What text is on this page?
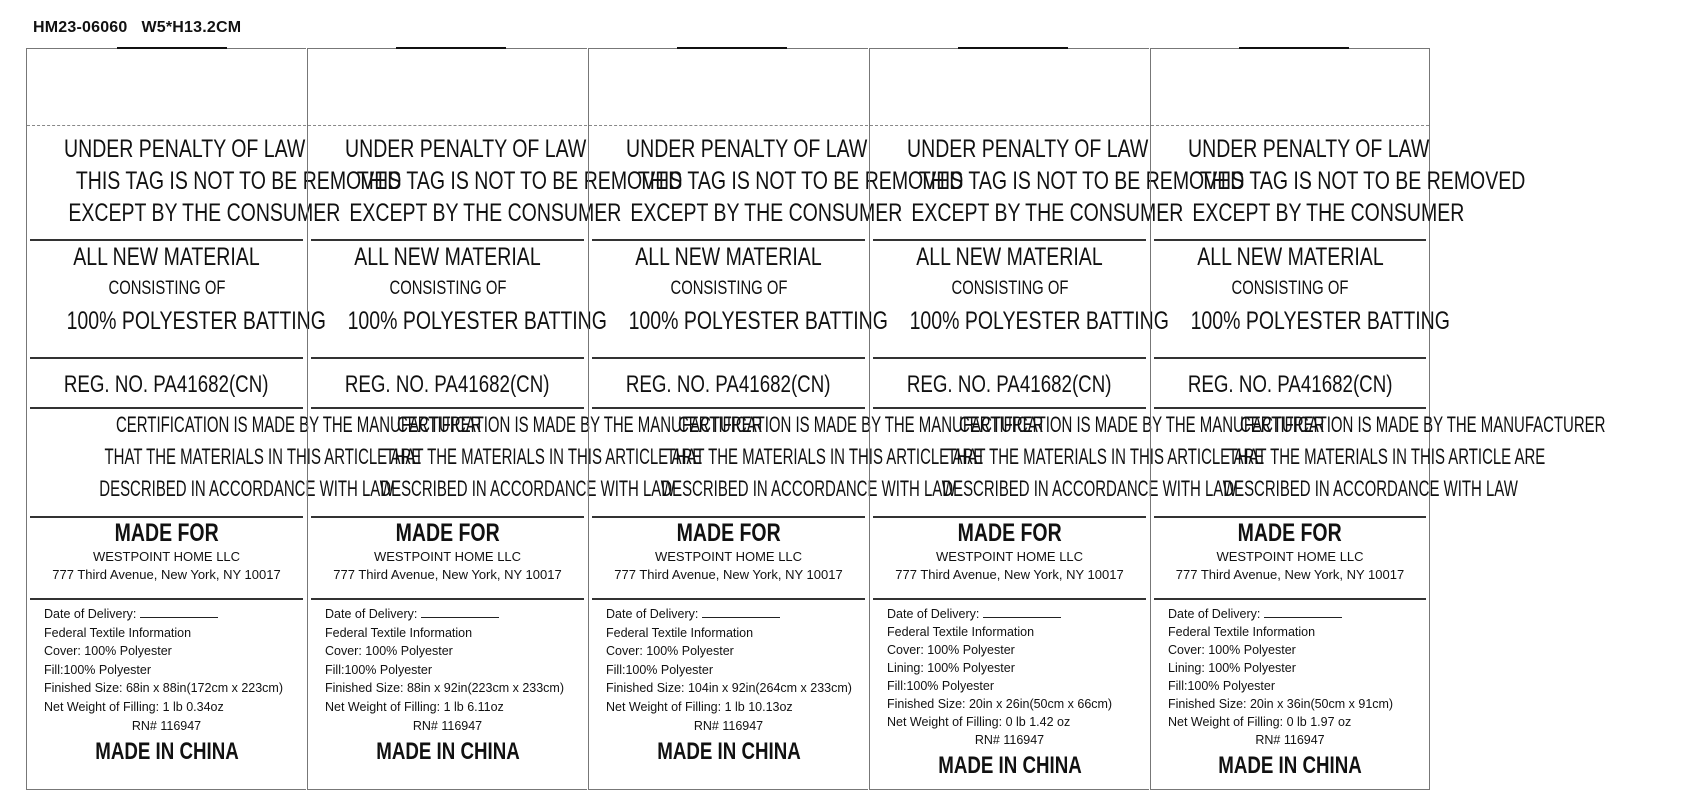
HM23-06060 W5*H13.2CM
UNDER PENALTY OF LAW
THIS TAG IS NOT TO BE REMOVED
EXCEPT BY THE CONSUMER
ALL NEW MATERIAL
CONSISTING OF
100% POLYESTER BATTING
REG. NO. PA41682(CN)
CERTIFICATION IS MADE BY THE MANUFACTURER
THAT THE MATERIALS IN THIS ARTICLE ARE
DESCRIBED IN ACCORDANCE WITH LAW
MADE FOR
WESTPOINT HOME LLC
777 Third Avenue, New York, NY 10017
Date of Delivery:
Federal Textile Information
Cover: 100% Polyester
Fill:100% Polyester
Finished Size: 68in x 88in(172cm x 223cm)
Net Weight of Filling: 1 lb 0.34oz
RN# 116947
MADE IN CHINA
UNDER PENALTY OF LAW
THIS TAG IS NOT TO BE REMOVED
EXCEPT BY THE CONSUMER
ALL NEW MATERIAL
CONSISTING OF
100% POLYESTER BATTING
REG. NO. PA41682(CN)
CERTIFICATION IS MADE BY THE MANUFACTURER
THAT THE MATERIALS IN THIS ARTICLE ARE
DESCRIBED IN ACCORDANCE WITH LAW
MADE FOR
WESTPOINT HOME LLC
777 Third Avenue, New York, NY 10017
Date of Delivery:
Federal Textile Information
Cover: 100% Polyester
Fill:100% Polyester
Finished Size: 88in x 92in(223cm x 233cm)
Net Weight of Filling: 1 lb 6.11oz
RN# 116947
MADE IN CHINA
UNDER PENALTY OF LAW
THIS TAG IS NOT TO BE REMOVED
EXCEPT BY THE CONSUMER
ALL NEW MATERIAL
CONSISTING OF
100% POLYESTER BATTING
REG. NO. PA41682(CN)
CERTIFICATION IS MADE BY THE MANUFACTURER
THAT THE MATERIALS IN THIS ARTICLE ARE
DESCRIBED IN ACCORDANCE WITH LAW
MADE FOR
WESTPOINT HOME LLC
777 Third Avenue, New York, NY 10017
Date of Delivery:
Federal Textile Information
Cover: 100% Polyester
Fill:100% Polyester
Finished Size: 104in x 92in(264cm x 233cm)
Net Weight of Filling: 1 lb 10.13oz
RN# 116947
MADE IN CHINA
UNDER PENALTY OF LAW
THIS TAG IS NOT TO BE REMOVED
EXCEPT BY THE CONSUMER
ALL NEW MATERIAL
CONSISTING OF
100% POLYESTER BATTING
REG. NO. PA41682(CN)
CERTIFICATION IS MADE BY THE MANUFACTURER
THAT THE MATERIALS IN THIS ARTICLE ARE
DESCRIBED IN ACCORDANCE WITH LAW
MADE FOR
WESTPOINT HOME LLC
777 Third Avenue, New York, NY 10017
Date of Delivery:
Federal Textile Information
Cover: 100% Polyester
Lining: 100% Polyester
Fill:100% Polyester
Finished Size: 20in x 26in(50cm x 66cm)
Net Weight of Filling: 0 lb 1.42 oz
RN# 116947
MADE IN CHINA
UNDER PENALTY OF LAW
THIS TAG IS NOT TO BE REMOVED
EXCEPT BY THE CONSUMER
ALL NEW MATERIAL
CONSISTING OF
100% POLYESTER BATTING
REG. NO. PA41682(CN)
CERTIFICATION IS MADE BY THE MANUFACTURER
THAT THE MATERIALS IN THIS ARTICLE ARE
DESCRIBED IN ACCORDANCE WITH LAW
MADE FOR
WESTPOINT HOME LLC
777 Third Avenue, New York, NY 10017
Date of Delivery:
Federal Textile Information
Cover: 100% Polyester
Lining: 100% Polyester
Fill:100% Polyester
Finished Size: 20in x 36in(50cm x 91cm)
Net Weight of Filling: 0 lb 1.97 oz
RN# 116947
MADE IN CHINA
